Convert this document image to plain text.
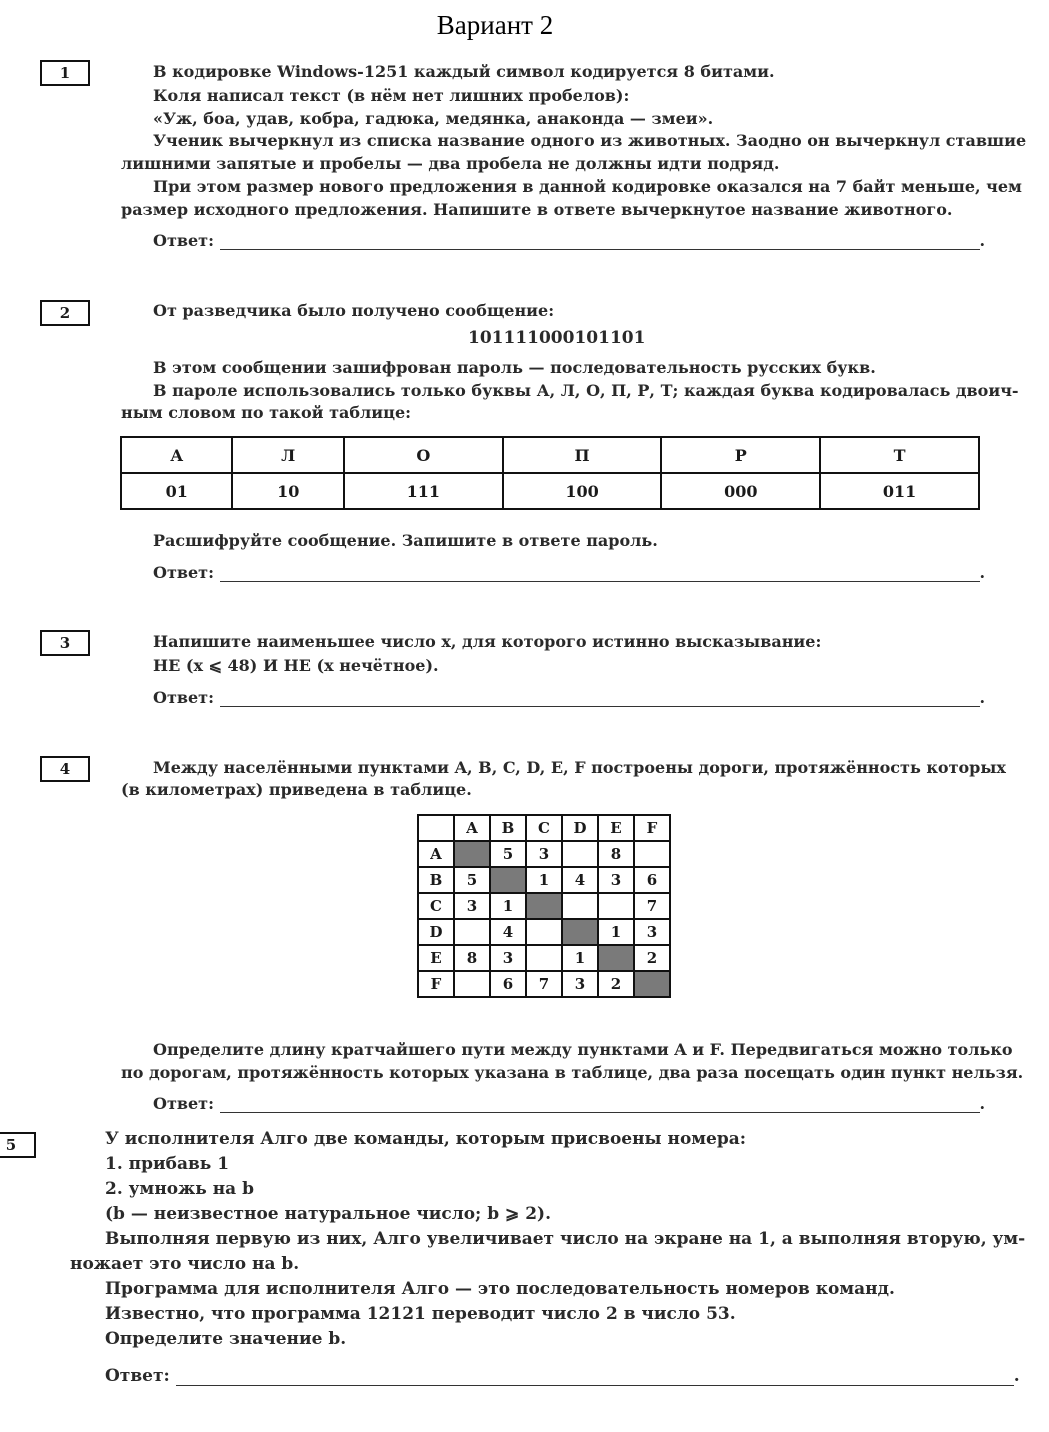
Вариант 2
1	В кодировке Windows-1251 каждый символ кодируется 8 битами.

Коля написал текст (в нём нет лишних пробелов):

«Уж, боа, удав, кобра, гадюка, медянка, анаконда — змеи».

Ученик вычеркнул из списка название одного из животных. Заодно он вычеркнул ставшие

лишними запятые и пробелы — два пробела не должны идти подряд.

При этом размер нового предложения в данной кодировке оказался на 7 байт меньше, чем

размер исходного предложения. Напишите в ответе вычеркнутое название животного.

Ответ:	.
2	От разведчика было получено сообщение:

101111000101101

В этом сообщении зашифрован пароль — последовательность русских букв.

В пароле использовались только буквы А, Л, О, П, Р, Т; каждая буква кодировалась двоич-

ным словом по такой таблице:

А	Л	О	П	Р	Т
01	10	111	100	000	011

Расшифруйте сообщение. Запишите в ответе пароль.

Ответ:	.
3	Напишите наименьшее число x, для которого истинно высказывание:

НЕ (x ⩽ 48) И НЕ (x нечётное).

Ответ:	.
4	Между населёнными пунктами A, B, C, D, E, F построены дороги, протяжённость которых

(в километрах) приведена в таблице.

	A	B	C	D	E	F
A		5	3		8	
B	5		1	4	3	6
C	3	1				7
D		4			1	3
E	8	3		1		2
F		6	7	3	2	

Определите длину кратчайшего пути между пунктами A и F. Передвигаться можно только

по дорогам, протяжённость которых указана в таблице, два раза посещать один пункт нельзя.

Ответ:	.
5	У исполнителя Алго две команды, которым присвоены номера:

1. прибавь 1

2. умножь на b

(b — неизвестное натуральное число; b ⩾ 2).

Выполняя первую из них, Алго увеличивает число на экране на 1, а выполняя вторую, ум-

ножает это число на b.

Программа для исполнителя Алго — это последовательность номеров команд.

Известно, что программа 12121 переводит число 2 в число 53.

Определите значение b.

Ответ:	.
